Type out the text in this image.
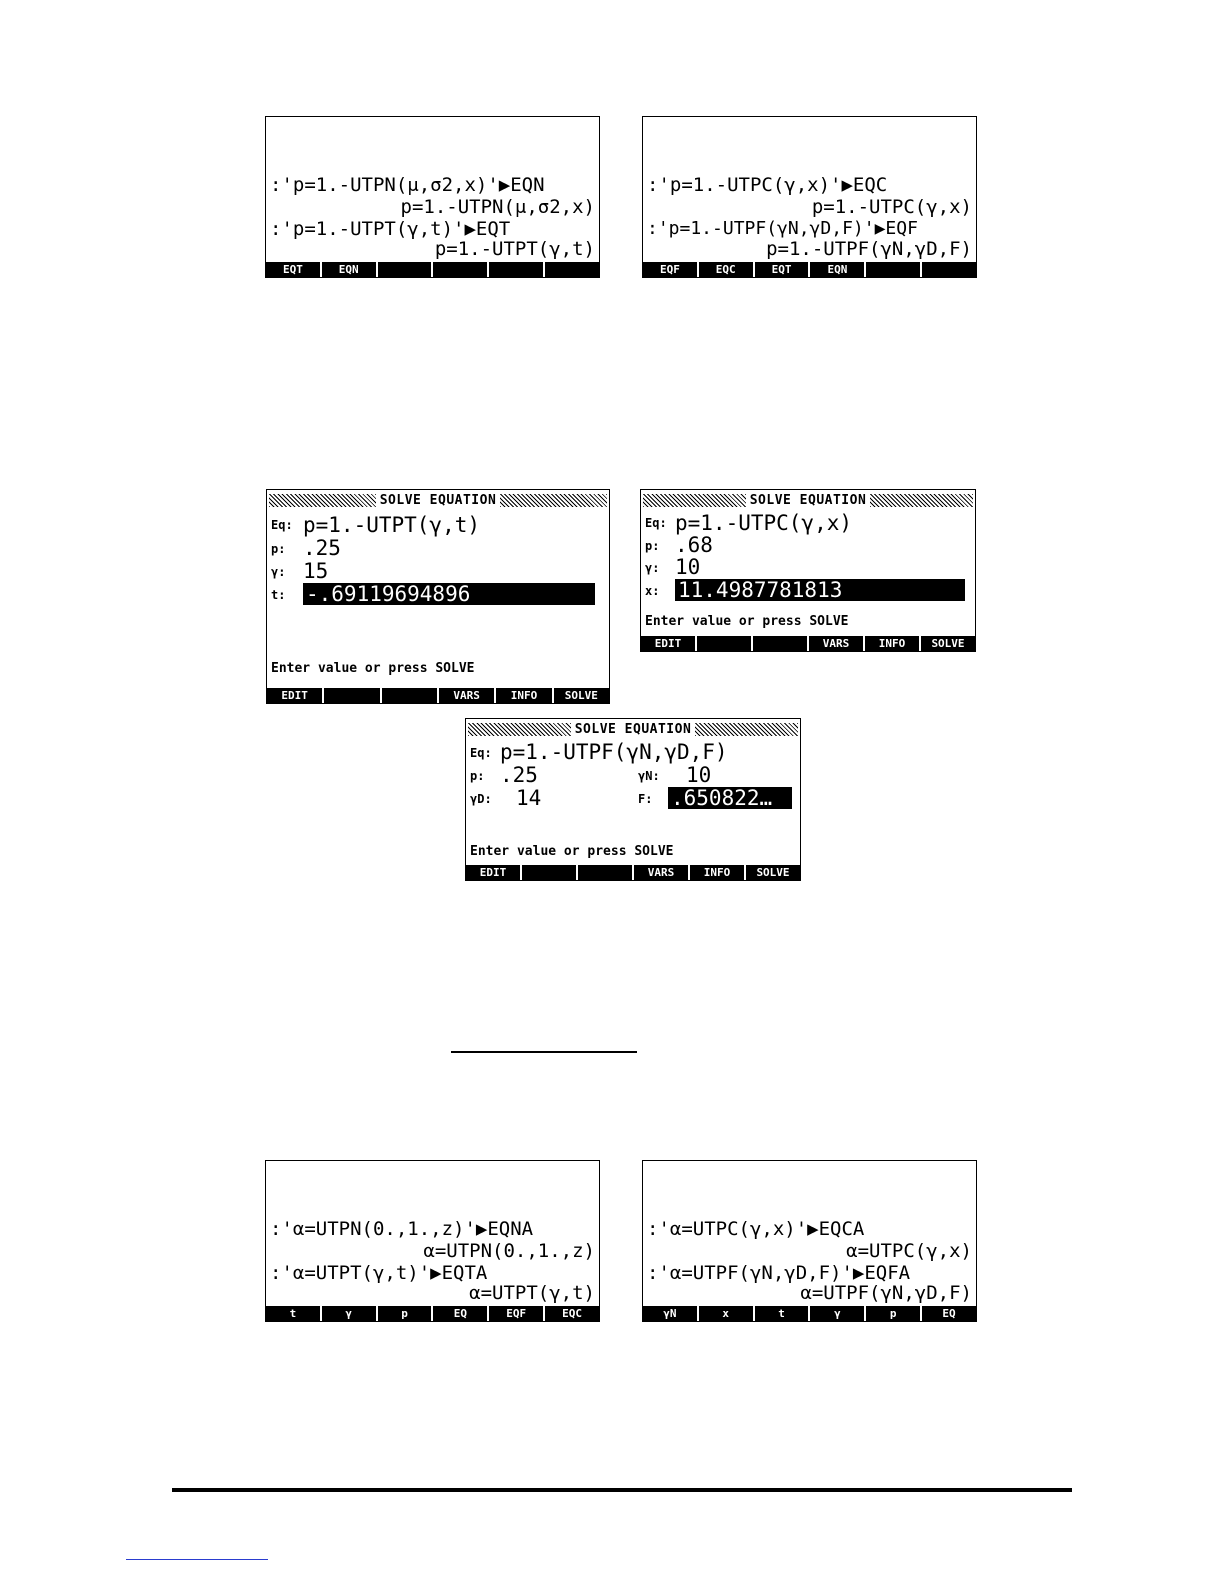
:'p=1.-UTPN(μ,σ2,x)'▶EQN
p=1.-UTPN(μ,σ2,x)
:'p=1.-UTPT(γ,t)'▶EQT
p=1.-UTPT(γ,t)
EQT	EQN
:'p=1.-UTPC(γ,x)'▶EQC
p=1.-UTPC(γ,x)
:'p=1.-UTPF(γN,γD,F)'▶EQF
p=1.-UTPF(γN,γD,F)
EQF	EQC	EQT	EQN
SOLVE EQUATION
Eq: p=1.-UTPT(γ,t)
p: .25
γ: 15
t: -.69119694896
Enter value or press SOLVE
EDIT	VARS	INFO	SOLVE
SOLVE EQUATION
Eq: p=1.-UTPC(γ,x)
p: .68
γ: 10
x: 11.4987781813
Enter value or press SOLVE
EDIT	VARS	INFO	SOLVE
SOLVE EQUATION
Eq: p=1.-UTPF(γN,γD,F)
p: .25	γN: 10
γD: 14	F: .650822…
Enter value or press SOLVE
EDIT	VARS	INFO	SOLVE
:'α=UTPN(0.,1.,z)'▶EQNA
α=UTPN(0.,1.,z)
:'α=UTPT(γ,t)'▶EQTA
α=UTPT(γ,t)
t	γ	p	EQ	EQF	EQC
:'α=UTPC(γ,x)'▶EQCA
α=UTPC(γ,x)
:'α=UTPF(γN,γD,F)'▶EQFA
α=UTPF(γN,γD,F)
γN	x	t	γ	p	EQ
